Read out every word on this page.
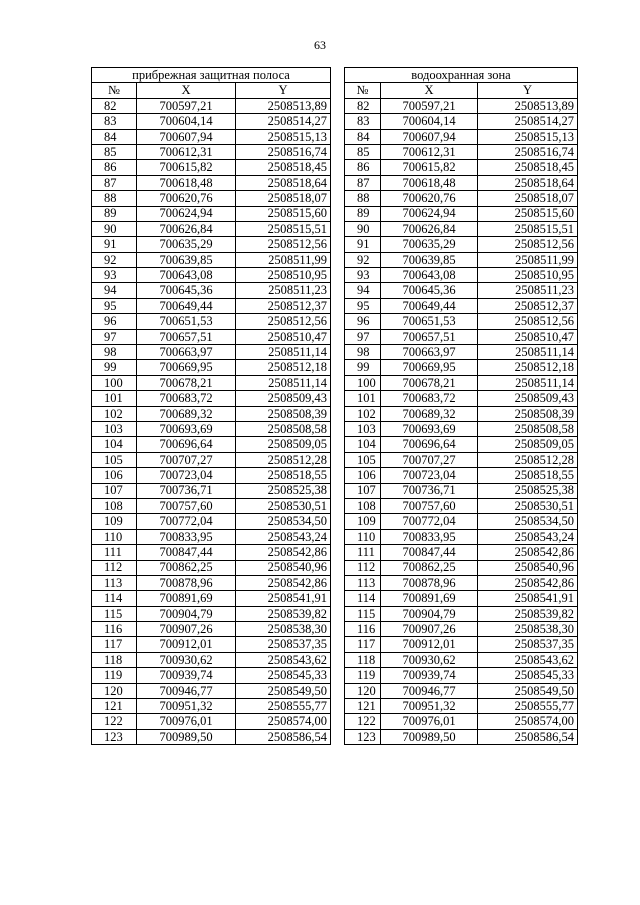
63
прибрежная защитная полоса				водоохранная зона		
№	X	Y		№	X	Y
82	700597,21	2508513,89		82	700597,21	2508513,89
83	700604,14	2508514,27		83	700604,14	2508514,27
84	700607,94	2508515,13		84	700607,94	2508515,13
85	700612,31	2508516,74		85	700612,31	2508516,74
86	700615,82	2508518,45		86	700615,82	2508518,45
87	700618,48	2508518,64		87	700618,48	2508518,64
88	700620,76	2508518,07		88	700620,76	2508518,07
89	700624,94	2508515,60		89	700624,94	2508515,60
90	700626,84	2508515,51		90	700626,84	2508515,51
91	700635,29	2508512,56		91	700635,29	2508512,56
92	700639,85	2508511,99		92	700639,85	2508511,99
93	700643,08	2508510,95		93	700643,08	2508510,95
94	700645,36	2508511,23		94	700645,36	2508511,23
95	700649,44	2508512,37		95	700649,44	2508512,37
96	700651,53	2508512,56		96	700651,53	2508512,56
97	700657,51	2508510,47		97	700657,51	2508510,47
98	700663,97	2508511,14		98	700663,97	2508511,14
99	700669,95	2508512,18		99	700669,95	2508512,18
100	700678,21	2508511,14		100	700678,21	2508511,14
101	700683,72	2508509,43		101	700683,72	2508509,43
102	700689,32	2508508,39		102	700689,32	2508508,39
103	700693,69	2508508,58		103	700693,69	2508508,58
104	700696,64	2508509,05		104	700696,64	2508509,05
105	700707,27	2508512,28		105	700707,27	2508512,28
106	700723,04	2508518,55		106	700723,04	2508518,55
107	700736,71	2508525,38		107	700736,71	2508525,38
108	700757,60	2508530,51		108	700757,60	2508530,51
109	700772,04	2508534,50		109	700772,04	2508534,50
110	700833,95	2508543,24		110	700833,95	2508543,24
111	700847,44	2508542,86		111	700847,44	2508542,86
112	700862,25	2508540,96		112	700862,25	2508540,96
113	700878,96	2508542,86		113	700878,96	2508542,86
114	700891,69	2508541,91		114	700891,69	2508541,91
115	700904,79	2508539,82		115	700904,79	2508539,82
116	700907,26	2508538,30		116	700907,26	2508538,30
117	700912,01	2508537,35		117	700912,01	2508537,35
118	700930,62	2508543,62		118	700930,62	2508543,62
119	700939,74	2508545,33		119	700939,74	2508545,33
120	700946,77	2508549,50		120	700946,77	2508549,50
121	700951,32	2508555,77		121	700951,32	2508555,77
122	700976,01	2508574,00		122	700976,01	2508574,00
123	700989,50	2508586,54		123	700989,50	2508586,54
